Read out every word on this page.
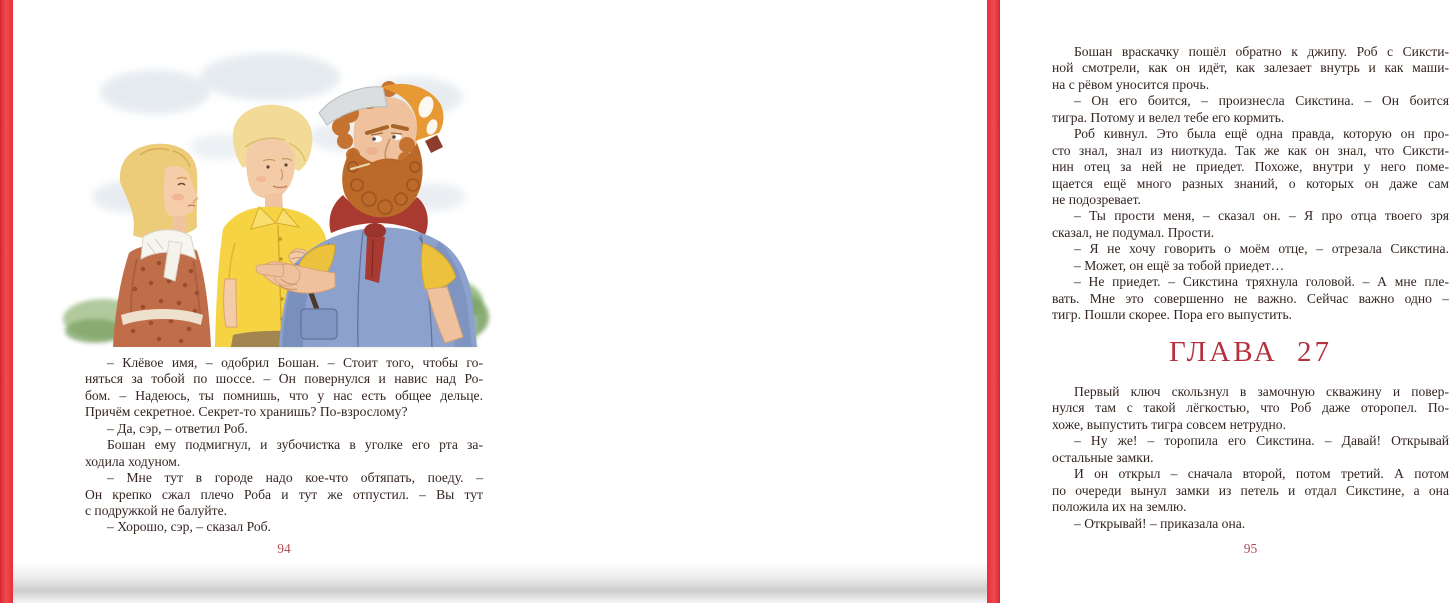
– Клёвое имя, – одобрил Бошан. – Стоит того, чтобы го-
няться за тобой по шоссе. – Он повернулся и навис над Ро-
бом. – Надеюсь, ты помнишь, что у нас есть общее дельце.
Причём секретное. Секрет-то хранишь? По-взрослому?
– Да, сэр, – ответил Роб.
Бошан ему подмигнул, и зубочистка в уголке его рта за-
ходила ходуном.
– Мне тут в городе надо кое-что обтяпать, поеду. –
Он крепко сжал плечо Роба и тут же отпустил. – Вы тут
с подружкой не балуйте.
– Хорошо, сэр, – сказал Роб.
94
Бошан враскачку пошёл обратно к джипу. Роб с Сиксти-
ной смотрели, как он идёт, как залезает внутрь и как маши-
на с рёвом уносится прочь.
– Он его боится, – произнесла Сикстина. – Он боится
тигра. Потому и велел тебе его кормить.
Роб кивнул. Это была ещё одна правда, которую он про-
сто знал, знал из ниоткуда. Так же как он знал, что Сиксти-
нин отец за ней не приедет. Похоже, внутри у него поме-
щается ещё много разных знаний, о которых он даже сам
не подозревает.
– Ты прости меня, – сказал он. – Я про отца твоего зря
сказал, не подумал. Прости.
– Я не хочу говорить о моём отце, – отрезала Сикстина.
– Может, он ещё за тобой приедет…
– Не приедет. – Сикстина тряхнула головой. – А мне пле-
вать. Мне это совершенно не важно. Сейчас важно одно –
тигр. Пошли скорее. Пора его выпустить.
ГЛАВА 27
Первый ключ скользнул в замочную скважину и повер-
нулся там с такой лёгкостью, что Роб даже оторопел. По-
хоже, выпустить тигра совсем нетрудно.
– Ну же! – торопила его Сикстина. – Давай! Открывай
остальные замки.
И он открыл – сначала второй, потом третий. А потом
по очереди вынул замки из петель и отдал Сикстине, а она
положила их на землю.
– Открывай! – приказала она.
95
